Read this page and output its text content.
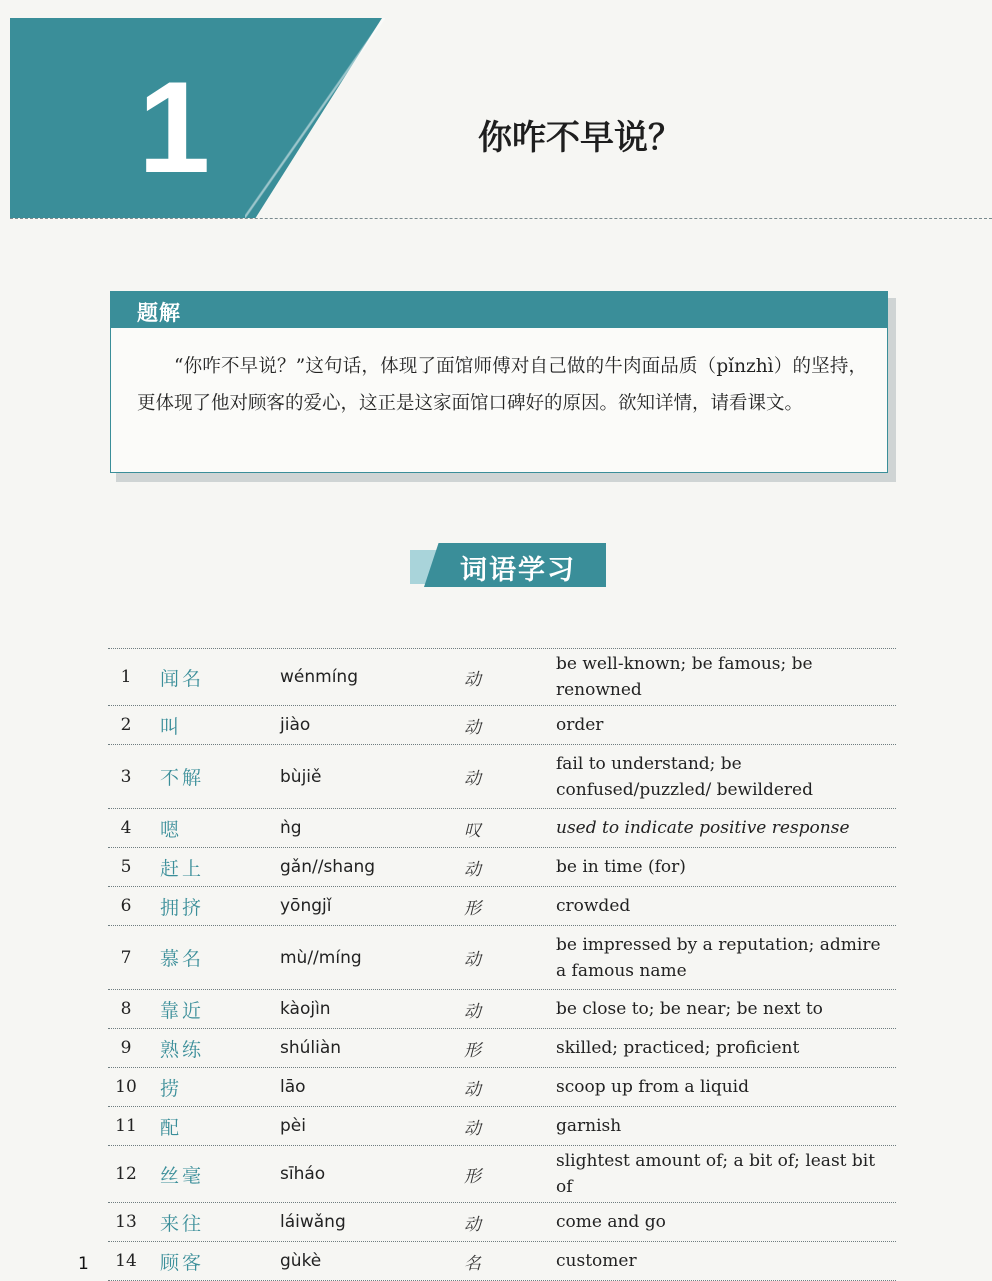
1	你咋不早说？
题解
“你咋不早说？”这句话，体现了面馆师傅对自己做的牛肉面品质（pǐnzhì）的坚持，更体现了他对顾客的爱心，这正是这家面馆口碑好的原因。欲知详情，请看课文。
词语学习
1	闻名	wénmíng	动
be well-known; be famous; be renowned
2	叫	jiào	动	order
3	不解	bùjiě	动
fail to understand; be confused/puzzled/ bewildered
4	嗯	ǹg	叹	used to indicate positive response
5	赶上	gǎn//shang	动	be in time (for)
6	拥挤	yōngjǐ	形	crowded
7	慕名	mù//míng	动
be impressed by a reputation; admire a famous name
8	靠近	kàojìn	动	be close to; be near; be next to
9	熟练	shúliàn	形	skilled; practiced; proficient
10	捞	lāo	动	scoop up from a liquid
11	配	pèi	动	garnish
12	丝毫	sīháo	形
slightest amount of; a bit of; least bit of
13	来往	láiwǎng	动	come and go
14	顾客	gùkè	名	customer
1
